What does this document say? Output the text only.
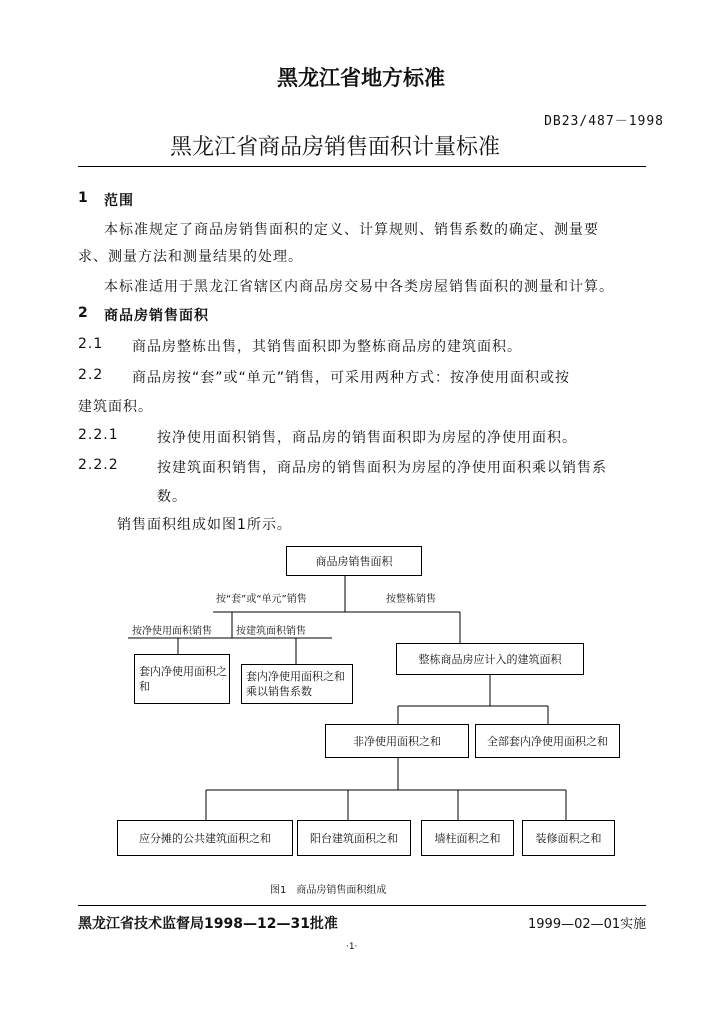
黑龙江省地方标准
DB23/487－1998
黑龙江省商品房销售面积计量标准
1 范围
本标准规定了商品房销售面积的定义、计算规则、销售系数的确定、测量要
求、测量方法和测量结果的处理。
本标准适用于黑龙江省辖区内商品房交易中各类房屋销售面积的测量和计算。
2 商品房销售面积
2.1 商品房整栋出售，其销售面积即为整栋商品房的建筑面积。
2.2 商品房按“套”或“单元”销售，可采用两种方式：按净使用面积或按
建筑面积。
2.2.1	按净使用面积销售，商品房的销售面积即为房屋的净使用面积。
2.2.2	按建筑面积销售，商品房的销售面积为房屋的净使用面积乘以销售系
数。
销售面积组成如图1所示。
商品房销售面积
按“套”或“单元”销售	按整栋销售
按净使用面积销售 按建筑面积销售
套内净使用面积之和
套内净使用面积之和乘以销售系数
整栋商品房应计入的建筑面积
非净使用面积之和	全部套内净使用面积之和
应分摊的公共建筑面积之和	阳台建筑面积之和	墙柱面积之和	装修面积之和
图1　商品房销售面积组成
黑龙江省技术监督局1998—12—31批准	1999—02—01实施
·1·
